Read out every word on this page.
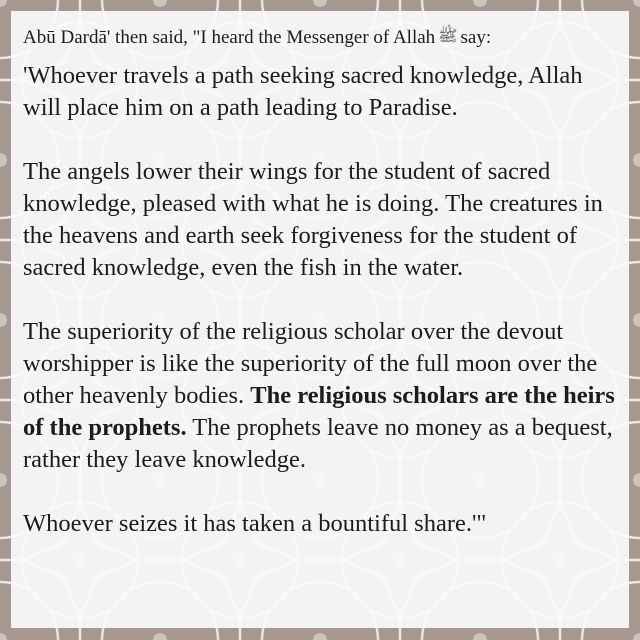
Abū Dardā' then said, "I heard the Messenger of Allah ﷺ say:

'Whoever travels a path seeking sacred knowledge, Allah will place him on a path leading to Paradise.

The angels lower their wings for the student of sacred knowledge, pleased with what he is doing. The creatures in the heavens and earth seek forgiveness for the student of sacred knowledge, even the fish in the water.

The superiority of the religious scholar over the devout worshipper is like the superiority of the full moon over the other heavenly bodies. The religious scholars are the heirs of the prophets. The prophets leave no money as a bequest, rather they leave knowledge.

Whoever seizes it has taken a bountiful share.'"
